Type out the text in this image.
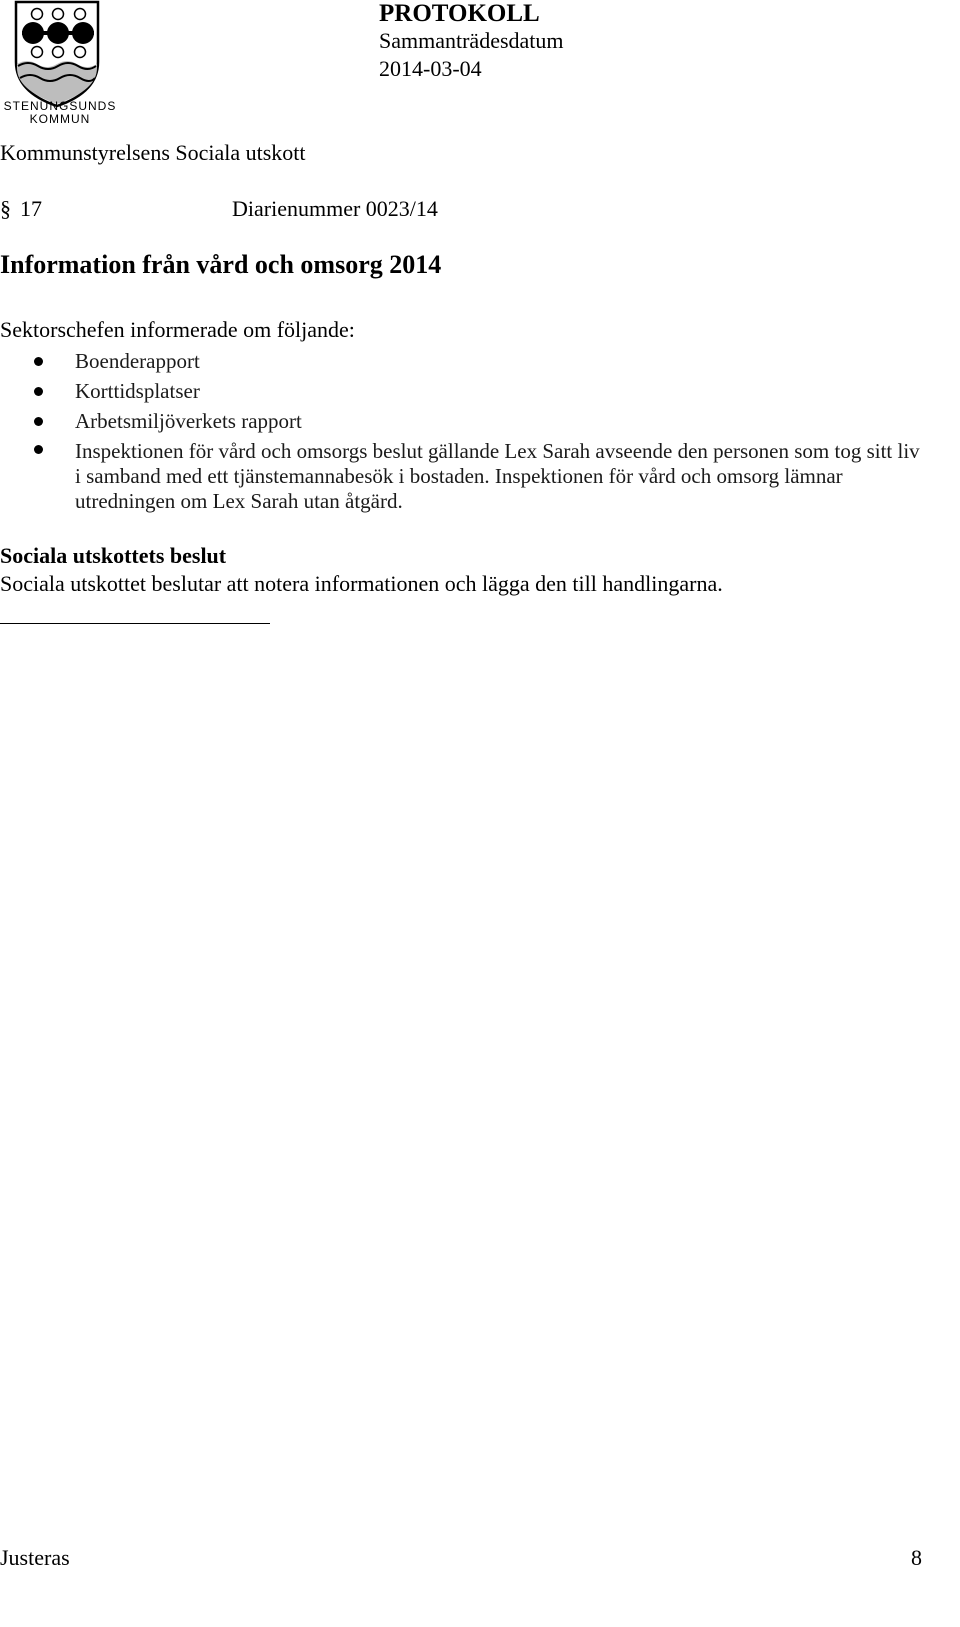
STENUNGSUNDS
KOMMUN
PROTOKOLL
Sammanträdesdatum
2014-03-04
Kommunstyrelsens Sociala utskott
§ 17	Diarienummer 0023/14
Information från vård och omsorg 2014
Sektorschefen informerade om följande:
Boenderapport
Korttidsplatser
Arbetsmiljöverkets rapport
Inspektionen för vård och omsorgs beslut gällande Lex Sarah avseende den personen som tog sitt liv i samband med ett tjänstemannabesök i bostaden. Inspektionen för vård och omsorg lämnar utredningen om Lex Sarah utan åtgärd.
Sociala utskottets beslut
Sociala utskottet beslutar att notera informationen och lägga den till handlingarna.
Justeras	8
